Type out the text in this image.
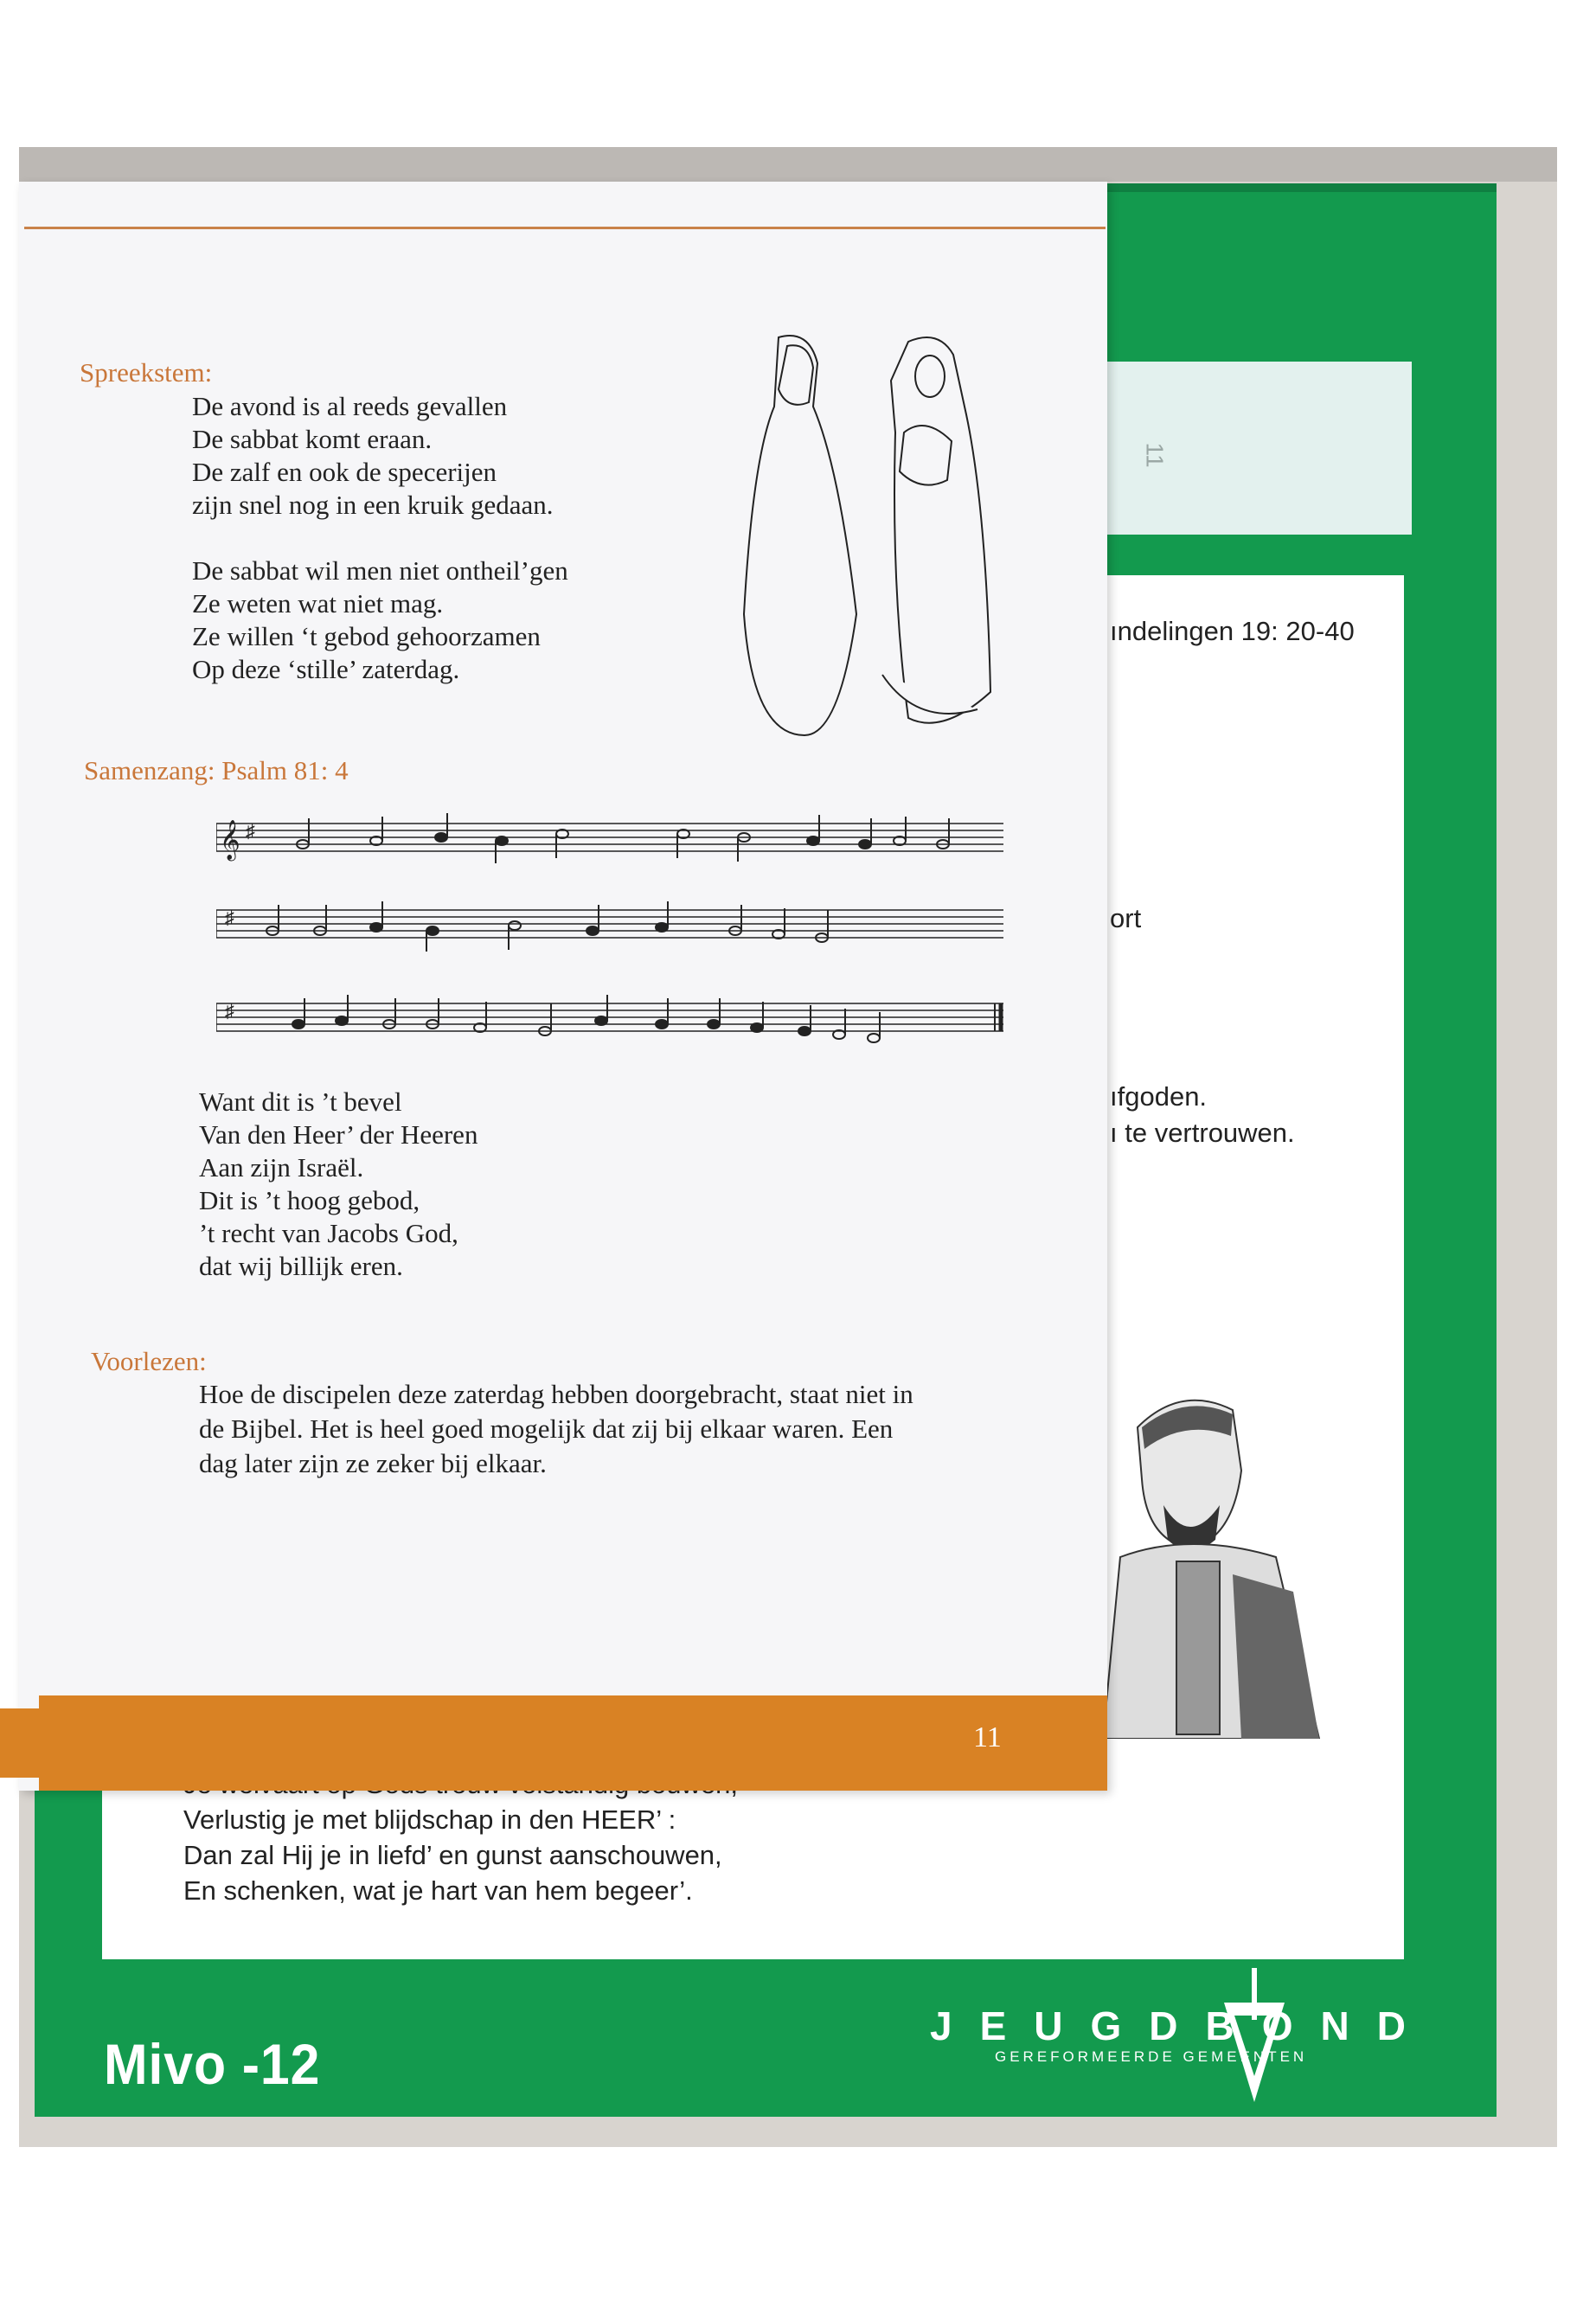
11
ındelingen 19: 20-40
ort
ıfgoden.
ı te vertrouwen.
Verlustig je met blijdschap in den HEER’ :
Dan zal Hij je in liefd’ en gunst aanschouwen,
En schenken, wat je hart van hem begeer’.
Mivo -12
JEUGDBOND
GEREFORMEERDE GEMEENTEN
Spreekstem:
De avond is al reeds gevallen
De sabbat komt eraan.
De zalf en ook de specerijen
zijn snel nog in een kruik gedaan.
De sabbat wil men niet ontheil’gen
Ze weten wat niet mag.
Ze willen ‘t gebod gehoorzamen
Op deze ‘stille’ zaterdag.
Samenzang: Psalm 81: 4
𝄞 ♯
♯
♯
Want dit is ’t bevel
Van den Heer’ der Heeren
Aan zijn Israël.
Dit is ’t hoog gebod,
’t recht van Jacobs God,
dat wij billijk eren.
Voorlezen:
Hoe de discipelen deze zaterdag hebben doorgebracht, staat niet in
de Bijbel. Het is heel goed mogelijk dat zij bij elkaar waren. Een
dag later zijn ze zeker bij elkaar.
11
